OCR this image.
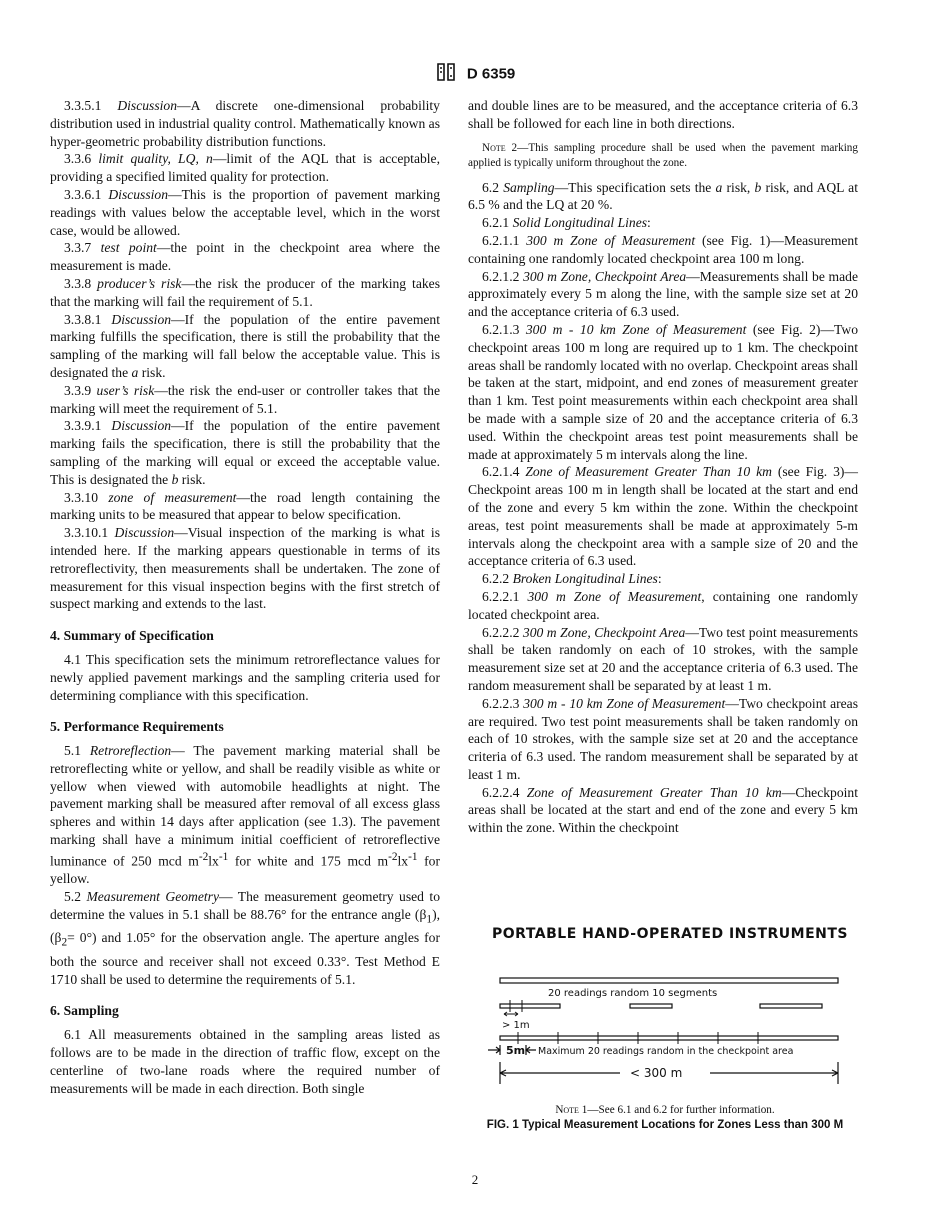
D 6359

3.3.5.1 Discussion—A discrete one-dimensional probability distribution used in industrial quality control. Mathematically known as hyper-geometric probability distribution functions.

3.3.6 limit quality, LQ, n—limit of the AQL that is acceptable, providing a specified limited quality for protection.

3.3.6.1 Discussion—This is the proportion of pavement marking readings with values below the acceptable level, which in the worst case, would be allowed.

3.3.7 test point—the point in the checkpoint area where the measurement is made.

3.3.8 producer’s risk—the risk the producer of the marking takes that the marking will fail the requirement of 5.1.

3.3.8.1 Discussion—If the population of the entire pavement marking fulfills the specification, there is still the probability that the sampling of the marking will fall below the acceptable value. This is designated the a risk.

3.3.9 user’s risk—the risk the end-user or controller takes that the marking will meet the requirement of 5.1.

3.3.9.1 Discussion—If the population of the entire pavement marking fails the specification, there is still the probability that the sampling of the marking will equal or exceed the acceptable value. This is designated the b risk.

3.3.10 zone of measurement—the road length containing the marking units to be measured that appear to below specification.

3.3.10.1 Discussion—Visual inspection of the marking is what is intended here. If the marking appears questionable in terms of its retroreflectivity, then measurements shall be undertaken. The zone of measurement for this visual inspection begins with the first stretch of suspect marking and extends to the last.

4. Summary of Specification

4.1 This specification sets the minimum retroreflectance values for newly applied pavement markings and the sampling criteria used for determining compliance with this specification.

5. Performance Requirements

5.1 Retroreflection— The pavement marking material shall be retroreflecting white or yellow, and shall be readily visible as white or yellow when viewed with automobile headlights at night. The pavement marking shall be measured after removal of all excess glass spheres and within 14 days after application (see 1.3). The pavement marking shall have a minimum initial coefficient of retroreflective luminance of 250 mcd $m^{-2}lx^{-1}$ for white and 175 mcd $m^{-2}lx^{-1}$ for yellow.

5.2 Measurement Geometry— The measurement geometry used to determine the values in 5.1 shall be 88.76° for the entrance angle $(\beta_1)$, $(\beta_2= 0^\circ)$ and 1.05° for the observation angle. The aperture angles for both the source and receiver shall not exceed 0.33°. Test Method E 1710 shall be used to determine the requirements of 5.1.

6. Sampling

6.1 All measurements obtained in the sampling areas listed as follows are to be made in the direction of traffic flow, except on the centerline of two-lane roads where the required number of measurements will be made in each direction. Both single

and double lines are to be measured, and the acceptance criteria of 6.3 shall be followed for each line in both directions.

Note 2—This sampling procedure shall be used when the pavement marking applied is typically uniform throughout the zone.

6.2 Sampling—This specification sets the a risk, b risk, and AQL at 6.5 % and the LQ at 20 %.

6.2.1 Solid Longitudinal Lines:

6.2.1.1 300 m Zone of Measurement (see Fig. 1)—Measurement containing one randomly located checkpoint area 100 m long.

6.2.1.2 300 m Zone, Checkpoint Area—Measurements shall be made approximately every 5 m along the line, with the sample size set at 20 and the acceptance criteria of 6.3 used.

6.2.1.3 300 m - 10 km Zone of Measurement (see Fig. 2)—Two checkpoint areas 100 m long are required up to 1 km. The checkpoint areas shall be randomly located with no overlap. Checkpoint areas shall be taken at the start, midpoint, and end zones of measurement greater than 1 km. Test point measurements within each checkpoint area shall be made with a sample size of 20 and the acceptance criteria of 6.3 used. Within the checkpoint areas test point measurements shall be made at approximately 5 m intervals along the line.

6.2.1.4 Zone of Measurement Greater Than 10 km (see Fig. 3)—Checkpoint areas 100 m in length shall be located at the start and end of the zone and every 5 km within the zone. Within the checkpoint areas, test point measurements shall be made at approximately 5-m intervals along the checkpoint area with a sample size of 20 and the acceptance criteria of 6.3 used.

6.2.2 Broken Longitudinal Lines:

6.2.2.1 300 m Zone of Measurement, containing one randomly located checkpoint area.

6.2.2.2 300 m Zone, Checkpoint Area—Two test point measurements shall be taken randomly on each of 10 strokes, with the sample measurement size set at 20 and the acceptance criteria of 6.3 used. The random measurement shall be separated by at least 1 m.

6.2.2.3 300 m - 10 km Zone of Measurement—Two checkpoint areas are required. Two test point measurements shall be taken randomly on each of 10 strokes, with the sample size set at 20 and the acceptance criteria of 6.3 used. The random measurement shall be separated by at least 1 m.

6.2.2.4 Zone of Measurement Greater Than 10 km—Checkpoint areas shall be located at the start and end of the zone and every 5 km within the zone. Within the checkpoint

PORTABLE HAND-OPERATED INSTRUMENTS
20 readings random 10 segments
> 1m
5m Maximum 20 readings random in the checkpoint area
< 300 m
Note 1—See 6.1 and 6.2 for further information.
FIG. 1 Typical Measurement Locations for Zones Less than 300 M
2
